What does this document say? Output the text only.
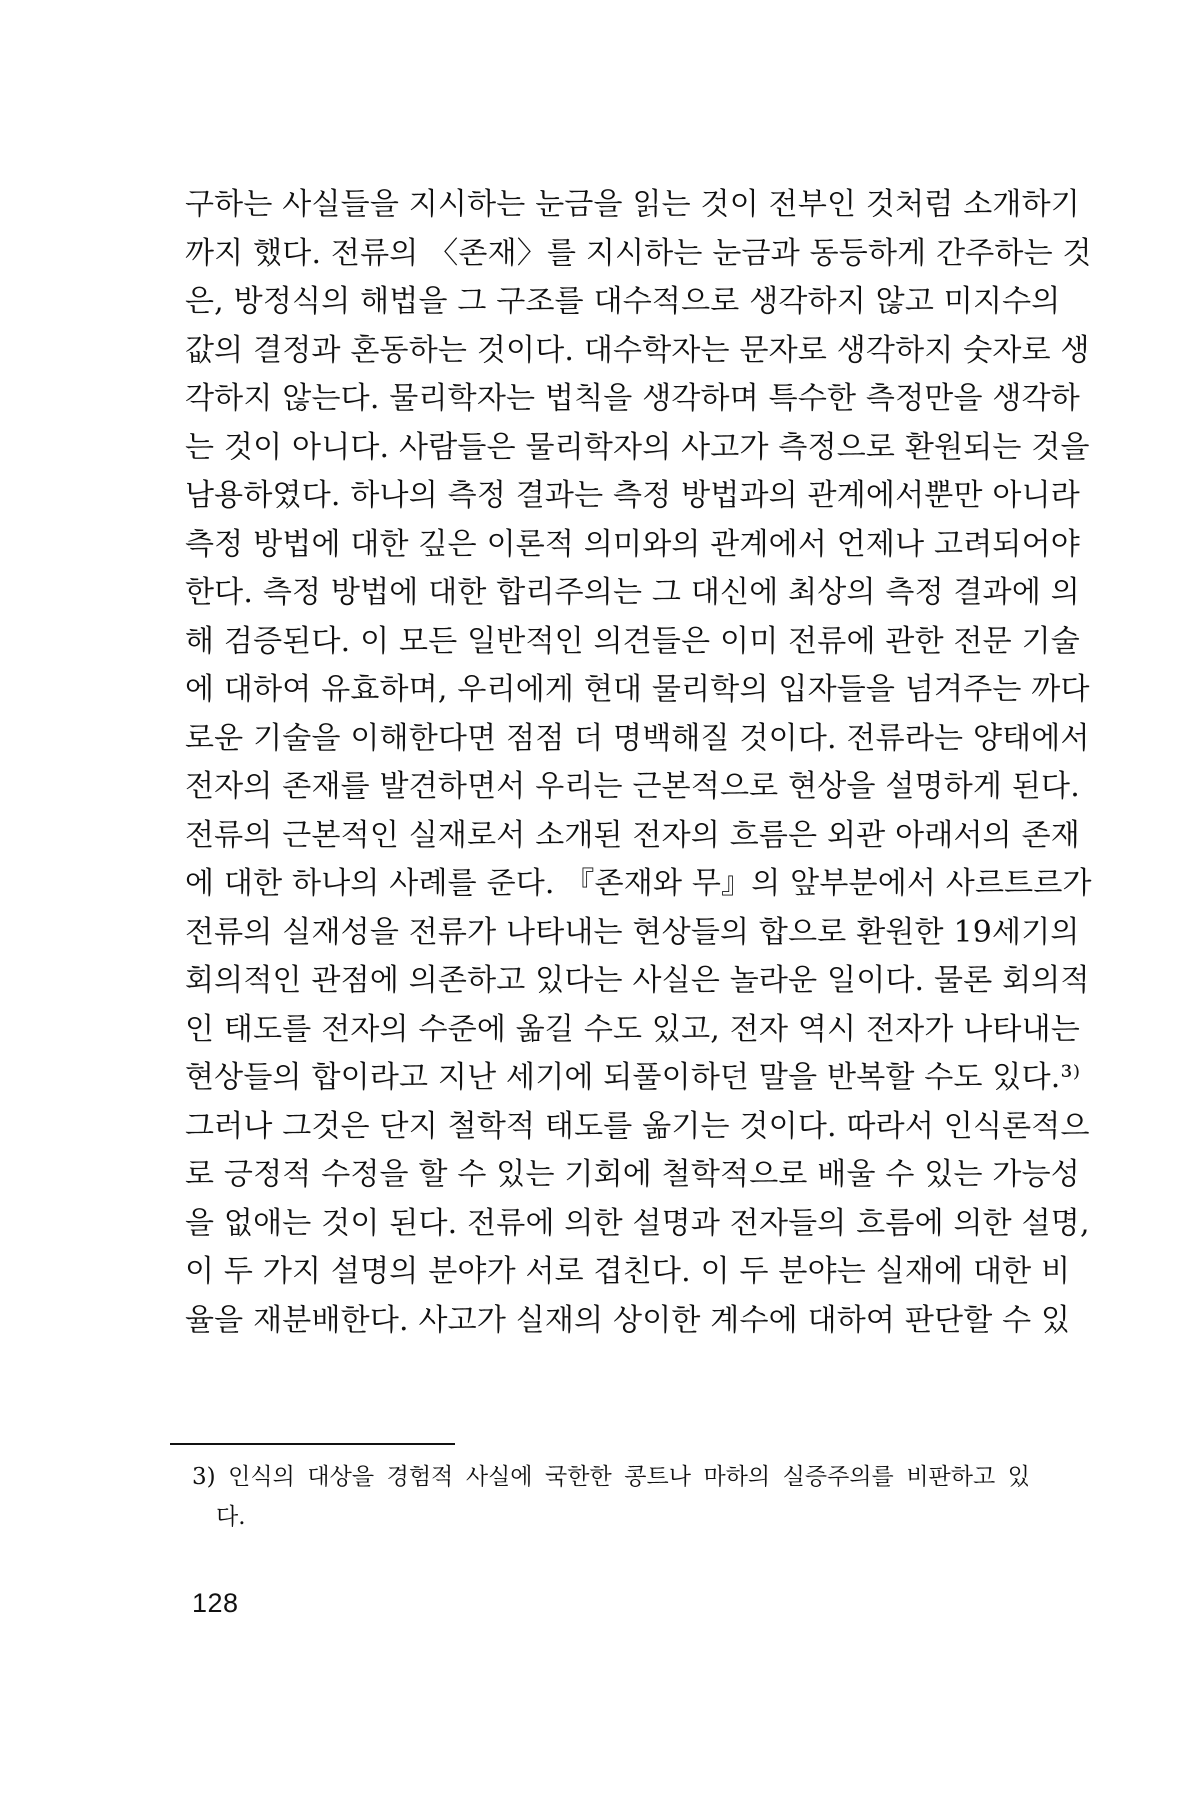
구하는 사실들을 지시하는 눈금을 읽는 것이 전부인 것처럼 소개하기
까지 했다. 전류의 〈존재〉를 지시하는 눈금과 동등하게 간주하는 것
은, 방정식의 해법을 그 구조를 대수적으로 생각하지 않고 미지수의
값의 결정과 혼동하는 것이다. 대수학자는 문자로 생각하지 숫자로 생
각하지 않는다. 물리학자는 법칙을 생각하며 특수한 측정만을 생각하
는 것이 아니다. 사람들은 물리학자의 사고가 측정으로 환원되는 것을
남용하였다. 하나의 측정 결과는 측정 방법과의 관계에서뿐만 아니라
측정 방법에 대한 깊은 이론적 의미와의 관계에서 언제나 고려되어야
한다. 측정 방법에 대한 합리주의는 그 대신에 최상의 측정 결과에 의
해 검증된다. 이 모든 일반적인 의견들은 이미 전류에 관한 전문 기술
에 대하여 유효하며, 우리에게 현대 물리학의 입자들을 넘겨주는 까다
로운 기술을 이해한다면 점점 더 명백해질 것이다. 전류라는 양태에서
전자의 존재를 발견하면서 우리는 근본적으로 현상을 설명하게 된다.
전류의 근본적인 실재로서 소개된 전자의 흐름은 외관 아래서의 존재
에 대한 하나의 사례를 준다. 『존재와 무』의 앞부분에서 사르트르가
전류의 실재성을 전류가 나타내는 현상들의 합으로 환원한 19세기의
회의적인 관점에 의존하고 있다는 사실은 놀라운 일이다. 물론 회의적
인 태도를 전자의 수준에 옮길 수도 있고, 전자 역시 전자가 나타내는
현상들의 합이라고 지난 세기에 되풀이하던 말을 반복할 수도 있다.³⁾
그러나 그것은 단지 철학적 태도를 옮기는 것이다. 따라서 인식론적으
로 긍정적 수정을 할 수 있는 기회에 철학적으로 배울 수 있는 가능성
을 없애는 것이 된다. 전류에 의한 설명과 전자들의 흐름에 의한 설명,
이 두 가지 설명의 분야가 서로 겹친다. 이 두 분야는 실재에 대한 비
율을 재분배한다. 사고가 실재의 상이한 계수에 대하여 판단할 수 있
3) 인식의 대상을 경험적 사실에 국한한 콩트나 마하의 실증주의를 비판하고 있
다.
128
